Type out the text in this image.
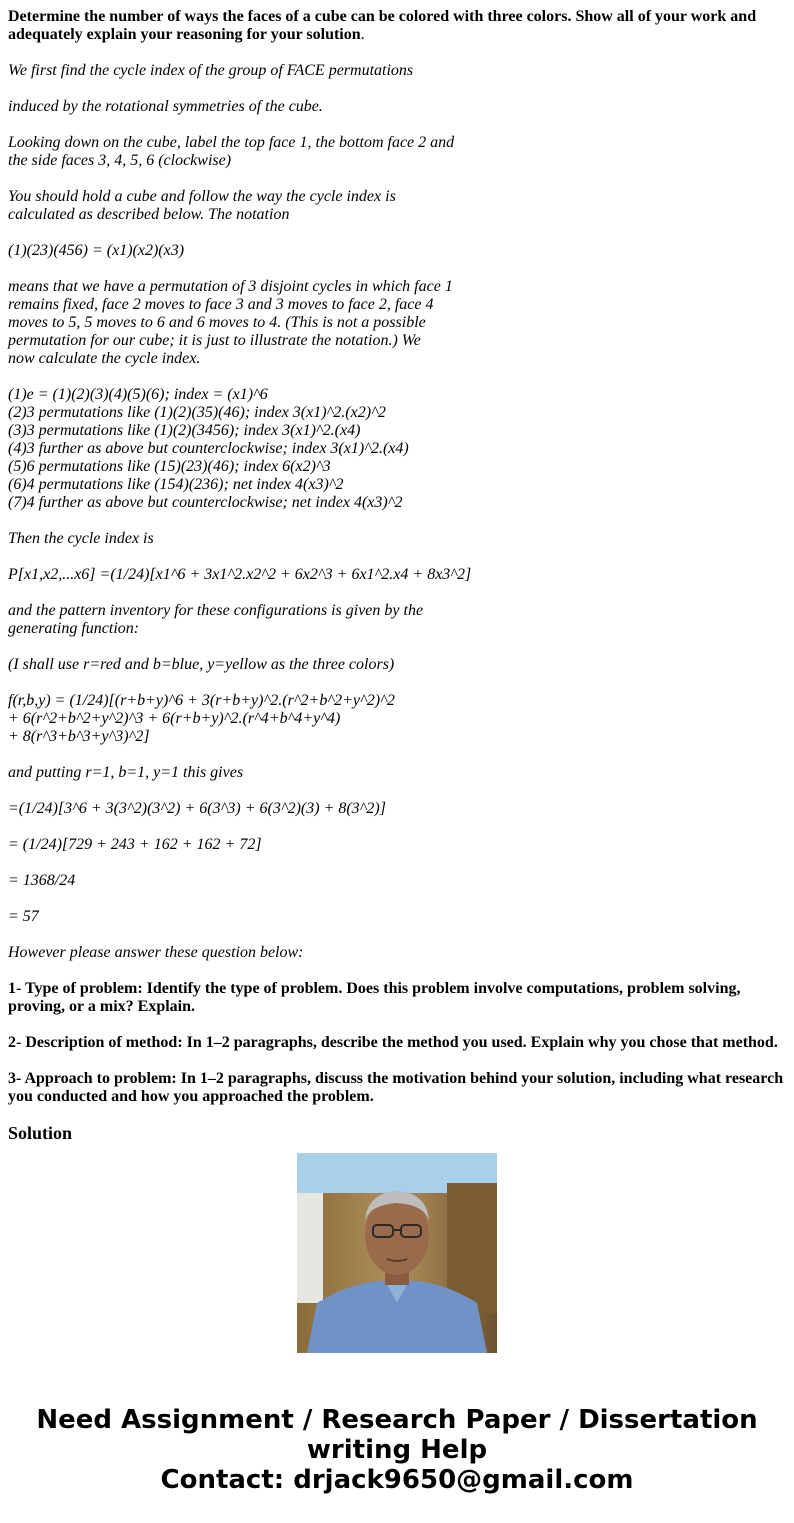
Determine the number of ways the faces of a cube can be colored with three colors. Show all of your work and adequately explain your reasoning for your solution.

We first find the cycle index of the group of FACE permutations

induced by the rotational symmetries of the cube.

Looking down on the cube, label the top face 1, the bottom face 2 and
the side faces 3, 4, 5, 6 (clockwise)

You should hold a cube and follow the way the cycle index is
calculated as described below. The notation

(1)(23)(456) = (x1)(x2)(x3)

means that we have a permutation of 3 disjoint cycles in which face 1
remains fixed, face 2 moves to face 3 and 3 moves to face 2, face 4
moves to 5, 5 moves to 6 and 6 moves to 4. (This is not a possible
permutation for our cube; it is just to illustrate the notation.) We
now calculate the cycle index.

(1)e = (1)(2)(3)(4)(5)(6); index = (x1)^6
(2)3 permutations like (1)(2)(35)(46); index 3(x1)^2.(x2)^2
(3)3 permutations like (1)(2)(3456); index 3(x1)^2.(x4)
(4)3 further as above but counterclockwise; index 3(x1)^2.(x4)
(5)6 permutations like (15)(23)(46); index 6(x2)^3
(6)4 permutations like (154)(236); net index 4(x3)^2
(7)4 further as above but counterclockwise; net index 4(x3)^2

Then the cycle index is

P[x1,x2,...x6] =(1/24)[x1^6 + 3x1^2.x2^2 + 6x2^3 + 6x1^2.x4 + 8x3^2]

and the pattern inventory for these configurations is given by the
generating function:

(I shall use r=red and b=blue, y=yellow as the three colors)

f(r,b,y) = (1/24)[(r+b+y)^6 + 3(r+b+y)^2.(r^2+b^2+y^2)^2
+ 6(r^2+b^2+y^2)^3 + 6(r+b+y)^2.(r^4+b^4+y^4)
+ 8(r^3+b^3+y^3)^2]

and putting r=1, b=1, y=1 this gives

=(1/24)[3^6 + 3(3^2)(3^2) + 6(3^3) + 6(3^2)(3) + 8(3^2)]

= (1/24)[729 + 243 + 162 + 162 + 72]

= 1368/24

= 57

However please answer these question below:

1- Type of problem: Identify the type of problem. Does this problem involve computations, problem solving, proving, or a mix? Explain.

2- Description of method: In 1–2 paragraphs, describe the method you used. Explain why you chose that method.

3- Approach to problem: In 1–2 paragraphs, discuss the motivation behind your solution, including what research you conducted and how you approached the problem.

Solution

Need Assignment / Research Paper / Dissertation
writing Help
Contact: drjack9650@gmail.com
